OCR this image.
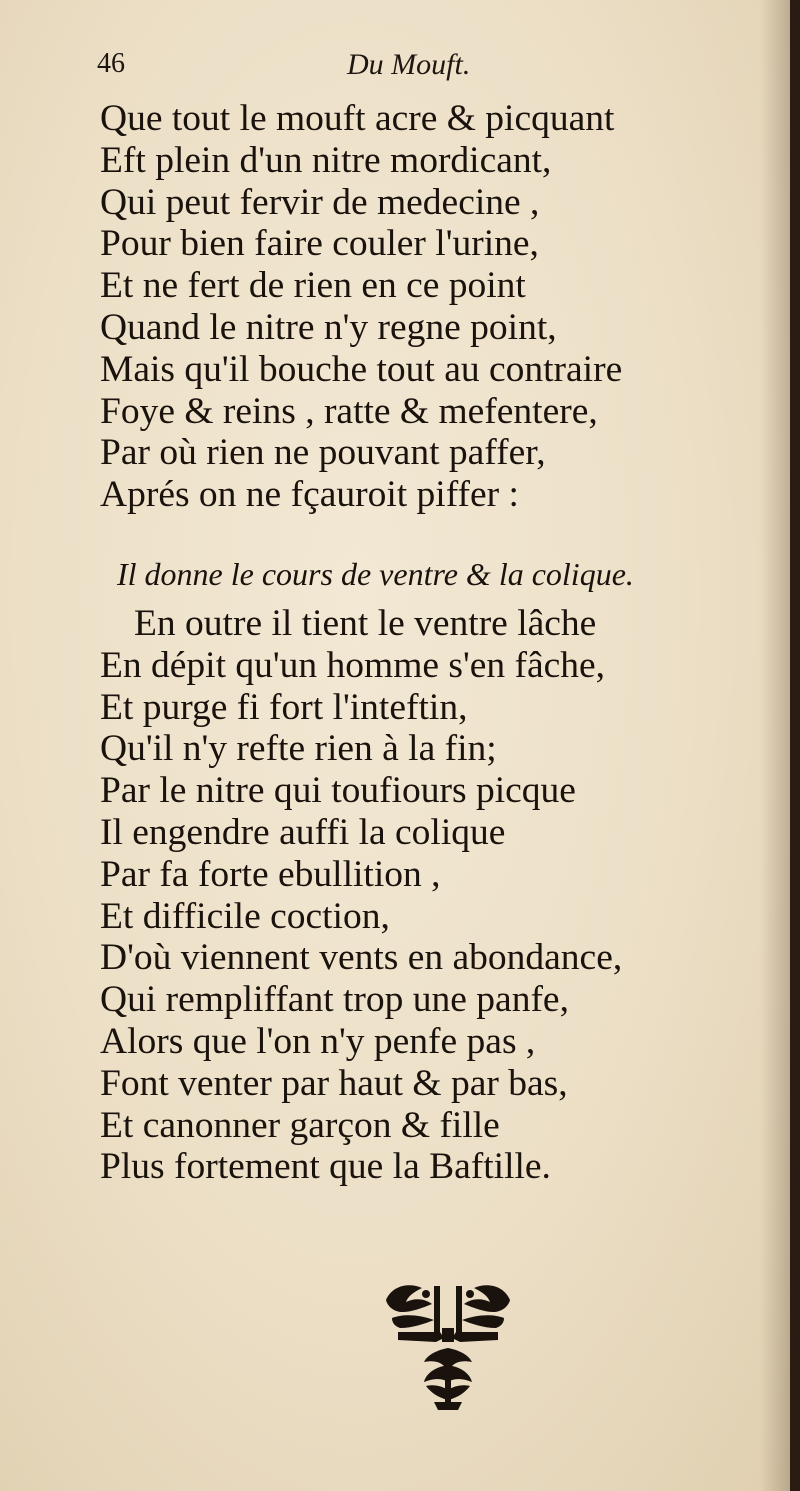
46	Du Mouft.
Que tout le mouft acre & picquant
Eft plein d'un nitre mordicant,
Qui peut fervir de medecine ,
Pour bien faire couler l'urine,
Et ne fert de rien en ce point
Quand le nitre n'y regne point,
Mais qu'il bouche tout au contraire
Foye & reins , ratte & mefentere,
Par où rien ne pouvant paffer,
Aprés on ne fçauroit piffer :
Il donne le cours de ventre & la colique.
En outre il tient le ventre lâche
En dépit qu'un homme s'en fâche,
Et purge fi fort l'inteftin,
Qu'il n'y refte rien à la fin;
Par le nitre qui toufiours picque
Il engendre auffi la colique
Par fa forte ebullition ,
Et difficile coction,
D'où viennent vents en abondance,
Qui rempliffant trop une panfe,
Alors que l'on n'y penfe pas ,
Font venter par haut & par bas,
Et canonner garçon & fille
Plus fortement que la Baftille.
